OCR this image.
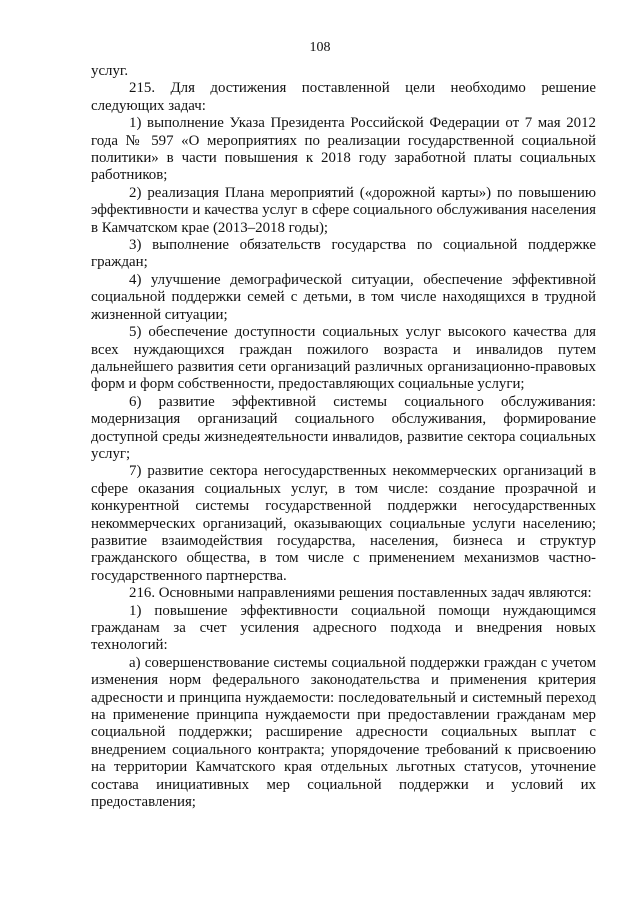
108

услуг.

215. Для достижения поставленной цели необходимо решение следующих задач:

1) выполнение Указа Президента Российской Федерации от 7 мая 2012 года № 597 «О мероприятиях по реализации государственной социальной политики» в части повышения к 2018 году заработной платы социальных работников;

2) реализация Плана мероприятий («дорожной карты») по повышению эффективности и качества услуг в сфере социального обслуживания населения в Камчатском крае (2013–2018 годы);

3) выполнение обязательств государства по социальной поддержке граждан;

4) улучшение демографической ситуации, обеспечение эффективной социальной поддержки семей с детьми, в том числе находящихся в трудной жизненной ситуации;

5) обеспечение доступности социальных услуг высокого качества для всех нуждающихся граждан пожилого возраста и инвалидов путем дальнейшего развития сети организаций различных организационно-правовых форм и форм собственности, предоставляющих социальные услуги;

6) развитие эффективной системы социального обслуживания: модернизация организаций социального обслуживания, формирование доступной среды жизнедеятельности инвалидов, развитие сектора социальных услуг;

7) развитие сектора негосударственных некоммерческих организаций в сфере оказания социальных услуг, в том числе: создание прозрачной и конкурентной системы государственной поддержки негосударственных некоммерческих организаций, оказывающих социальные услуги населению; развитие взаимодействия государства, населения, бизнеса и структур гражданского общества, в том числе с применением механизмов частно-государственного партнерства.

216. Основными направлениями решения поставленных задач являются:

1) повышение эффективности социальной помощи нуждающимся гражданам за счет усиления адресного подхода и внедрения новых технологий:

а) совершенствование системы социальной поддержки граждан с учетом изменения норм федерального законодательства и применения критерия адресности и принципа нуждаемости: последовательный и системный переход на применение принципа нуждаемости при предоставлении гражданам мер социальной поддержки; расширение адресности социальных выплат с внедрением социального контракта; упорядочение требований к присвоению на территории Камчатского края отдельных льготных статусов, уточнение состава инициативных мер социальной поддержки и условий их предоставления;
